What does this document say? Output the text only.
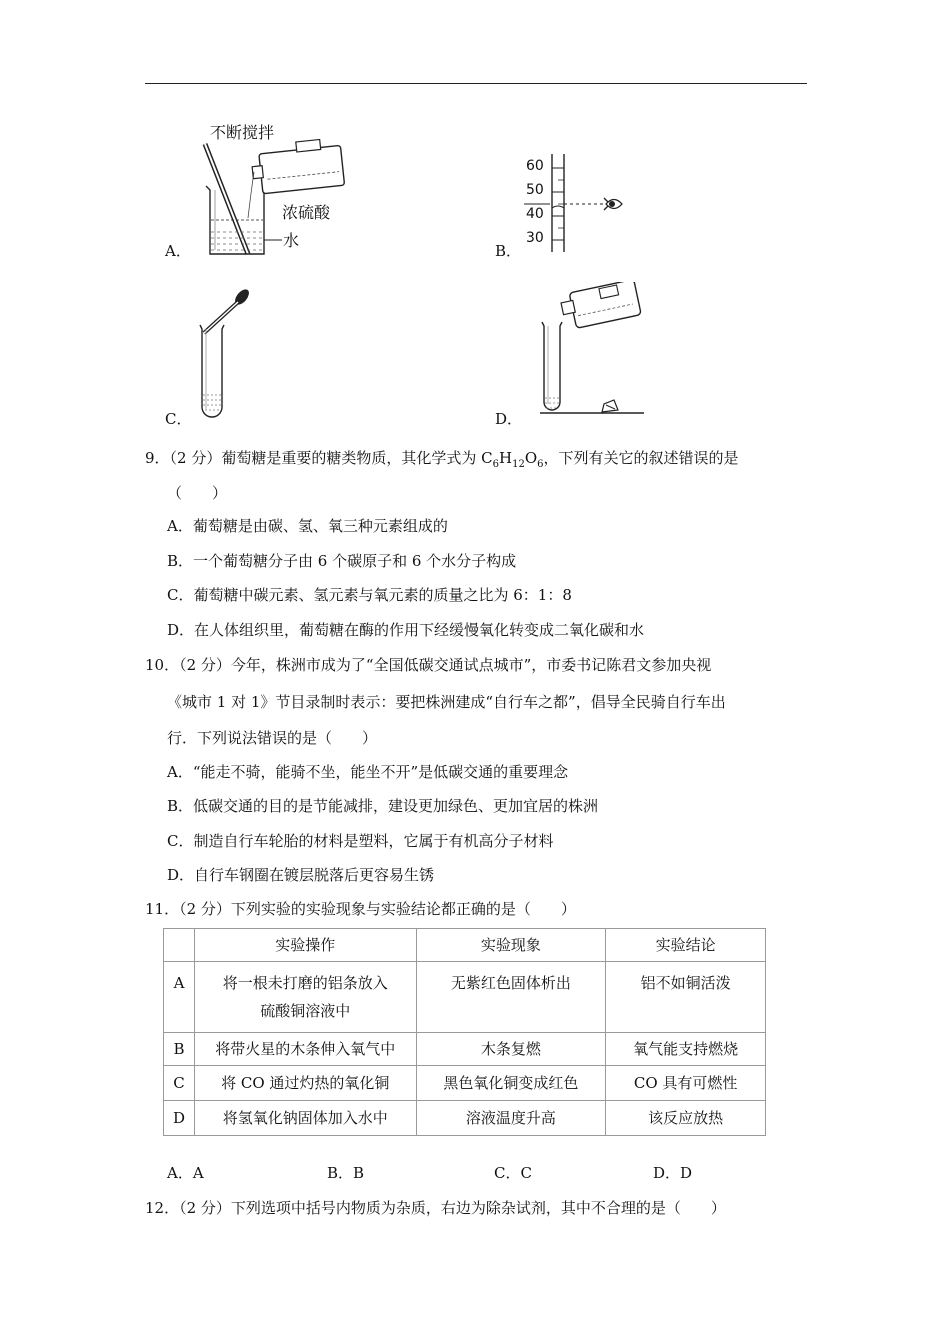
不断搅拌
浓硫酸
水
A．
60
50
40
30
B．
C．	D．
9．（2 分）葡萄糖是重要的糖类物质，其化学式为 $C_6H_{12}O_6$，下列有关它的叙述错误的是
（　　）
A．葡萄糖是由碳、氢、氧三种元素组成的
B．一个葡萄糖分子由 6 个碳原子和 6 个水分子构成
C．葡萄糖中碳元素、氢元素与氧元素的质量之比为 6：1：8
D．在人体组织里，葡萄糖在酶的作用下经缓慢氧化转变成二氧化碳和水
10．（2 分）今年，株洲市成为了“全国低碳交通试点城市”，市委书记陈君文参加央视
《城市 1 对 1》节目录制时表示：要把株洲建成“自行车之都”，倡导全民骑自行车出
行．下列说法错误的是（　　）
A．“能走不骑，能骑不坐，能坐不开”是低碳交通的重要理念
B．低碳交通的目的是节能减排，建设更加绿色、更加宜居的株洲
C．制造自行车轮胎的材料是塑料，它属于有机高分子材料
D．自行车钢圈在镀层脱落后更容易生锈
11．（2 分）下列实验的实验现象与实验结论都正确的是（　　）
	实验操作	实验现象	实验结论
A	将一根未打磨的铝条放入
硫酸铜溶液中	无紫红色固体析出	铝不如铜活泼
B	将带火星的木条伸入氧气中	木条复燃	氧气能支持燃烧
C	将 CO 通过灼热的氧化铜	黑色氧化铜变成红色	CO 具有可燃性
D	将氢氧化钠固体加入水中	溶液温度升高	该反应放热
A．A	B．B	C．C	D．D
12．（2 分）下列选项中括号内物质为杂质，右边为除杂试剂，其中不合理的是（　　）
